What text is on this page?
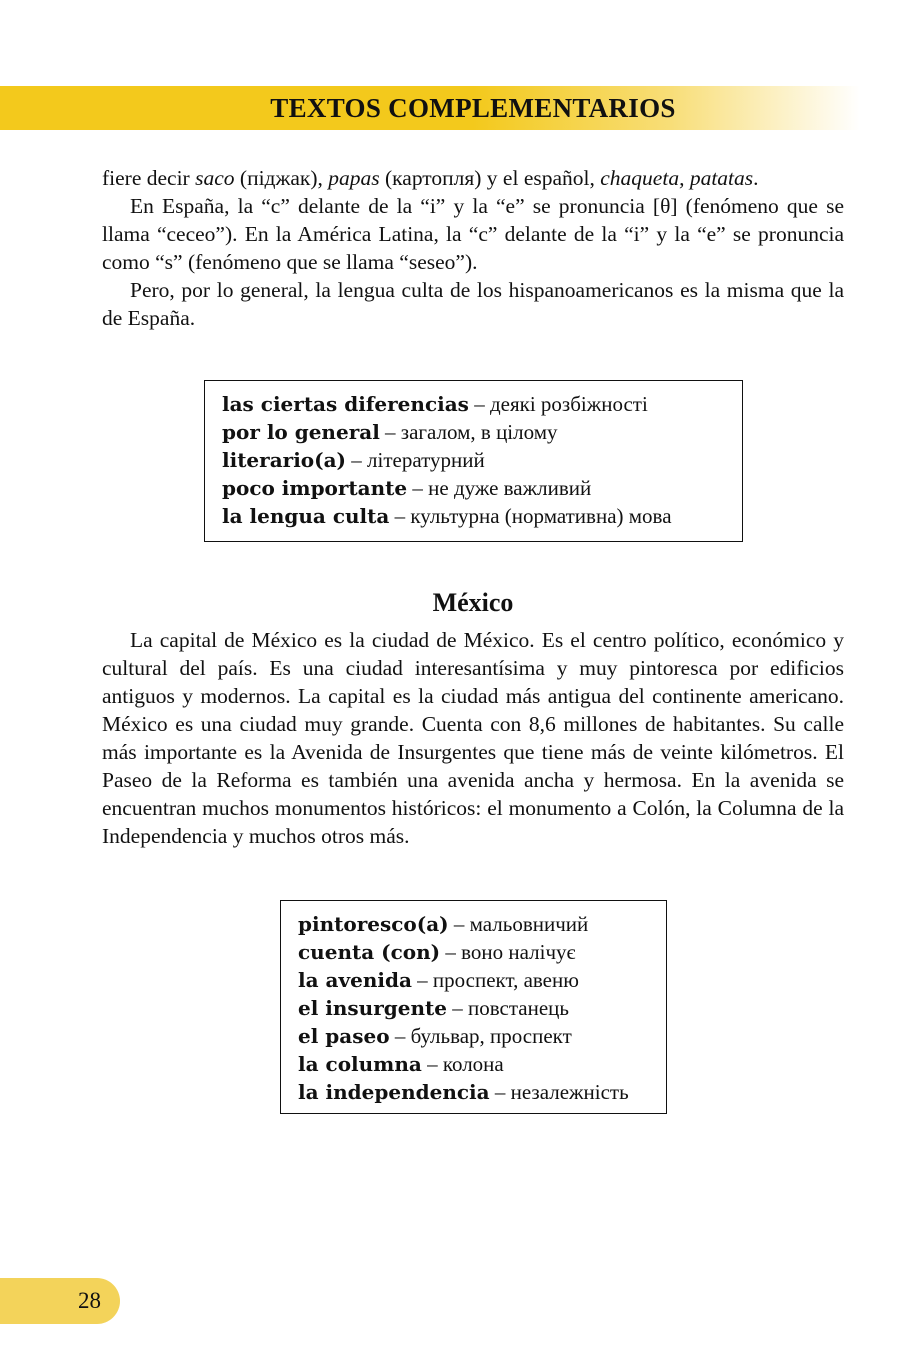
TEXTOS COMPLEMENTARIOS

fiere decir saco (піджак), papas (картопля) y el español, chaqueta, patatas.

En España, la “c” delante de la “i” y la “e” se pronuncia [θ] (fenómeno que se llama “ceceo”). En la América Latina, la “c” delante de la “i” y la “e” se pronuncia como “s” (fenómeno que se llama “seseo”).

Pero, por lo general, la lengua culta de los hispanoamericanos es la misma que la de España.

las ciertas diferencias – деякі розбіжності
por lo general – загалом, в цілому
literario(a) – літературний
poco importante – не дуже важливий
la lengua culta – культурна (нормативна) мова
México

La capital de México es la ciudad de México. Es el centro político, económico y cultural del país. Es una ciudad interesantísima y muy pintoresca por edificios antiguos y modernos. La capital es la ciudad más antigua del continente americano. México es una ciudad muy grande. Cuenta con 8,6 millones de habitantes. Su calle más importante es la Avenida de Insurgentes que tiene más de veinte kilómetros. El Paseo de la Reforma es también una avenida ancha y hermosa. En la avenida se encuentran muchos monumentos históricos: el monumento a Colón, la Columna de la Independencia y muchos otros más.

pintoresco(a) – мальовничий
cuenta (con) – воно налічує
la avenida – проспект, авеню
el insurgente – повстанець
el paseo – бульвар, проспект
la columna – колона
la independencia – незалежність
28
